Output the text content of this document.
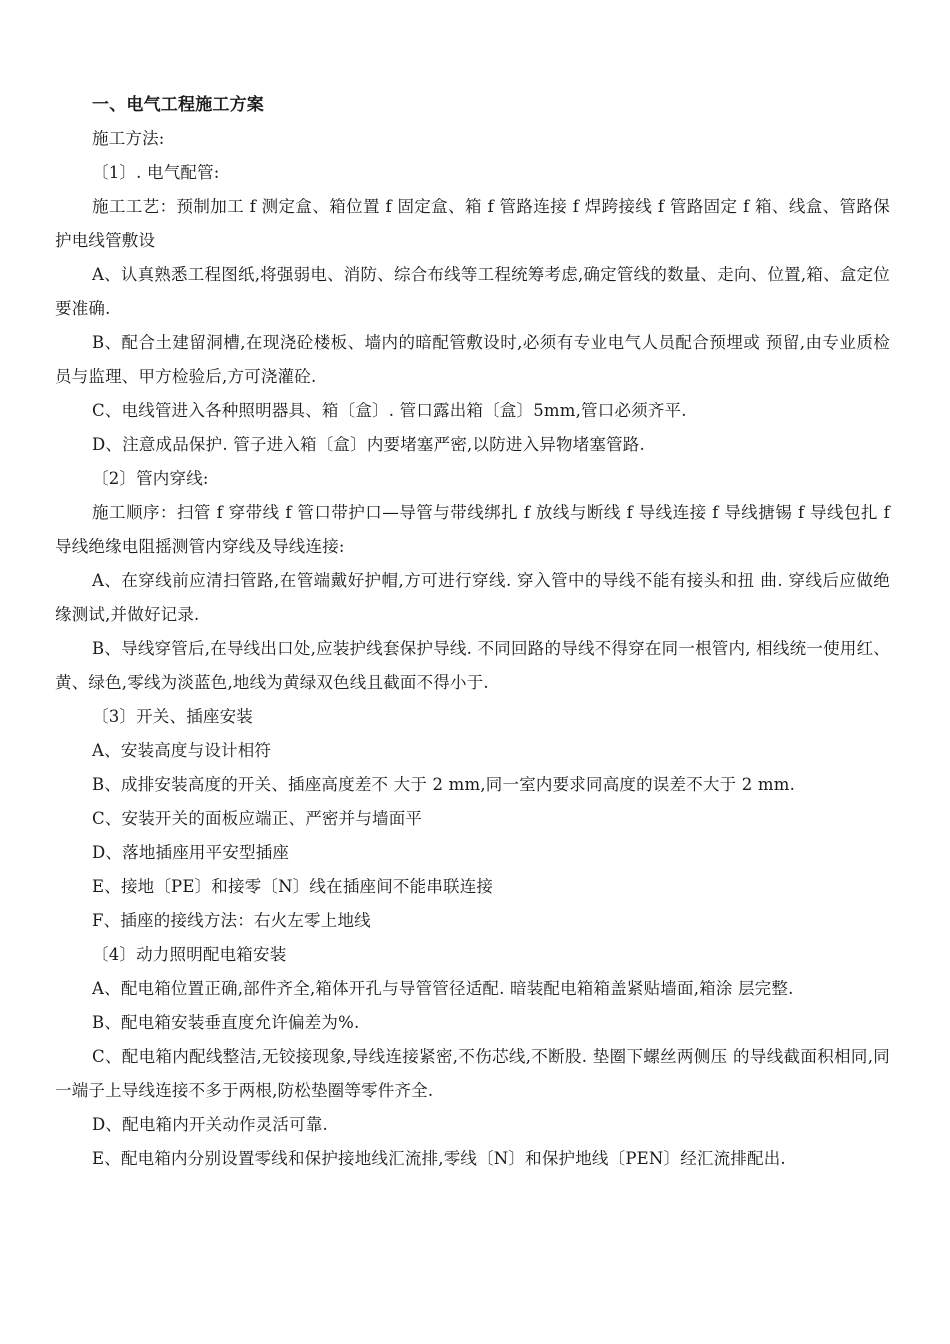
一、电气工程施工方案

施工方法:

〔1〕. 电气配管:

施工工艺：预制加工 f 测定盒、箱位置 f 固定盒、箱 f 管路连接 f 焊跨接线 f 管路固定 f 箱、线盒、管路保护电线管敷设

A、认真熟悉工程图纸,将强弱电、消防、综合布线等工程统筹考虑,确定管线的数量、走向、位置,箱、盒定位要准确.

B、配合土建留洞槽,在现浇砼楼板、墙内的暗配管敷设时,必须有专业电气人员配合预埋或 预留,由专业质检员与监理、甲方检验后,方可浇灌砼.

C、电线管进入各种照明器具、箱〔盒〕. 管口露出箱〔盒〕5mm,管口必须齐平.

D、注意成品保护. 管子进入箱〔盒〕内要堵塞严密,以防进入异物堵塞管路.

〔2〕管内穿线:

施工顺序：扫管 f 穿带线 f 管口带护口—导管与带线绑扎 f 放线与断线 f 导线连接 f 导线搪锡 f 导线包扎 f 导线绝缘电阻摇测管内穿线及导线连接:

A、在穿线前应清扫管路,在管端戴好护帽,方可进行穿线. 穿入管中的导线不能有接头和扭 曲. 穿线后应做绝缘测试,并做好记录.

B、导线穿管后,在导线出口处,应装护线套保护导线. 不同回路的导线不得穿在同一根管内, 相线统一使用红、黄、绿色,零线为淡蓝色,地线为黄绿双色线且截面不得小于.

〔3〕开关、插座安装

A、安装高度与设计相符

B、成排安装高度的开关、插座高度差不 大于 2 mm,同一室内要求同高度的误差不大于 2 mm.

C、安装开关的面板应端正、严密并与墙面平

D、落地插座用平安型插座

E、接地〔PE〕和接零〔N〕线在插座间不能串联连接

F、插座的接线方法：右火左零上地线

〔4〕动力照明配电箱安装

A、配电箱位置正确,部件齐全,箱体开孔与导管管径适配. 暗装配电箱箱盖紧贴墙面,箱涂 层完整.

B、配电箱安装垂直度允许偏差为%.

C、配电箱内配线整洁,无铰接现象,导线连接紧密,不伤芯线,不断股. 垫圈下螺丝两侧压 的导线截面积相同,同一端子上导线连接不多于两根,防松垫圈等零件齐全.

D、配电箱内开关动作灵活可靠.

E、配电箱内分别设置零线和保护接地线汇流排,零线〔N〕和保护地线〔PEN〕经汇流排配出.
